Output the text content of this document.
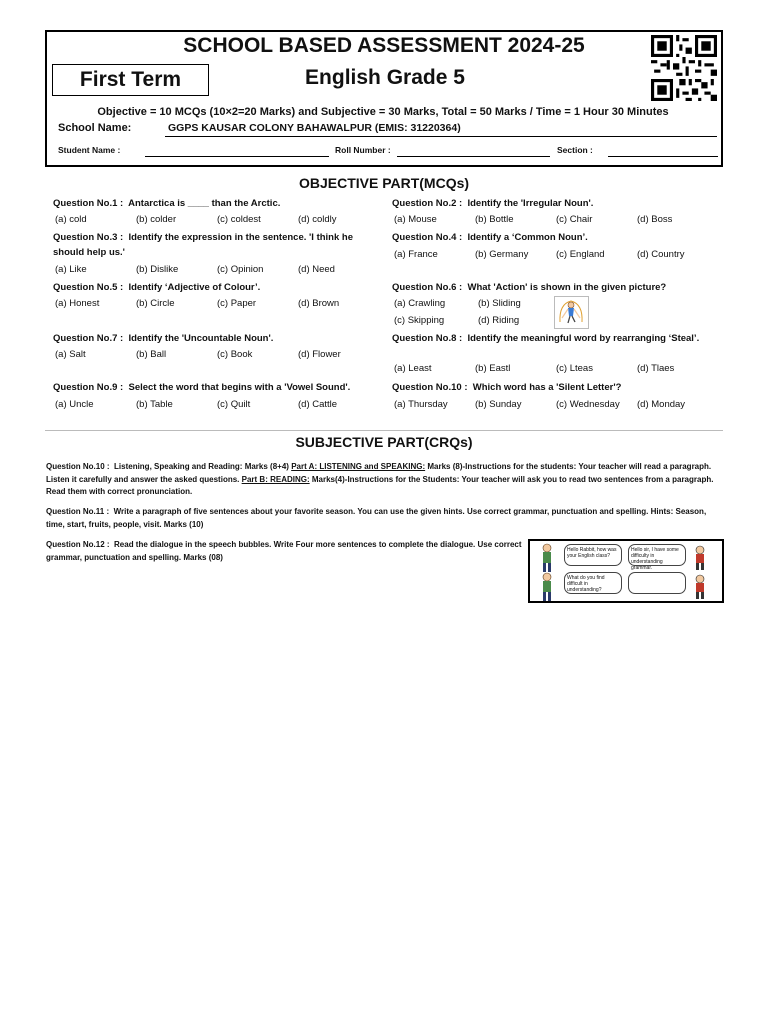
SCHOOL BASED ASSESSMENT 2024-25
First Term	English Grade 5
Objective = 10 MCQs (10×2=20 Marks) and Subjective = 30 Marks, Total = 50 Marks / Time = 1 Hour 30 Minutes
School Name:	GGPS KAUSAR COLONY BAHAWALPUR (EMIS: 31220364)
Student Name :	Roll Number :	Section :
OBJECTIVE PART(MCQs)
Question No.1 : Antarctica is ____ than the Arctic.
(a) cold	(b) colder	(c) coldest	(d) coldly
Question No.2 : Identify the 'Irregular Noun'.
(a) Mouse	(b) Bottle	(c) Chair	(d) Boss
Question No.3 : Identify the expression in the sentence. 'I think he should help us.'
(a) Like	(b) Dislike	(c) Opinion	(d) Need
Question No.4 : Identify a ‘Common Noun’.
(a) France	(b) Germany	(c) England	(d) Country
Question No.5 : Identify ‘Adjective of Colour’.
(a) Honest	(b) Circle	(c) Paper	(d) Brown
Question No.6 : What 'Action' is shown in the given picture?
(a) Crawling	(b) Sliding
(c) Skipping	(d) Riding
Question No.7 : Identify the 'Uncountable Noun'.
(a) Salt	(b) Ball	(c) Book	(d) Flower
Question No.8 : Identify the meaningful word by rearranging ‘Steal’.
(a) Least	(b) Eastl	(c) Lteas	(d) Tlaes
Question No.9 : Select the word that begins with a 'Vowel Sound'.
(a) Uncle	(b) Table	(c) Quilt	(d) Cattle
Question No.10 : Which word has a 'Silent Letter'?
(a) Thursday	(b) Sunday	(c) Wednesday (d) Monday
SUBJECTIVE PART(CRQs)
Question No.10 : Listening, Speaking and Reading: Marks (8+4) Part A: LISTENING and SPEAKING: Marks (8)-Instructions for the students: Your teacher will read a paragraph. Listen it carefully and answer the asked questions. Part B: READING: Marks(4)-Instructions for the Students: Your teacher will ask you to read two sentences from a paragraph. Read them with correct pronunciation.
Question No.11 : Write a paragraph of five sentences about your favorite season. You can use the given hints. Use correct grammar, punctuation and spelling. Hints: Season, time, start, fruits, people, visit. Marks (10)
Question No.12 : Read the dialogue in the speech bubbles. Write Four more sentences to complete the dialogue. Use correct grammar, punctuation and spelling. Marks (08)
Hello Rabbit, how was your English class?
Hello sir, I have some difficulty in understanding grammar.
What do you find difficult in understanding?
